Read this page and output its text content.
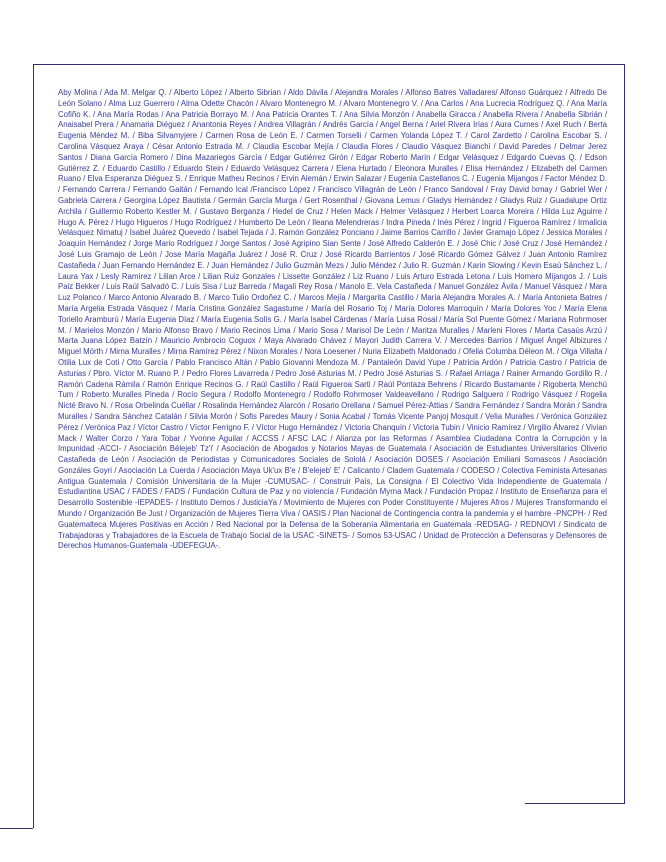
Aby Molina / Ada M. Melgar Q. / Alberto López / Alberto Sibrian / Aldo Dávila / Alejandra Morales / Alfonso Batres Valladares/ Alfonso Guárquez / Alfredo De León Solano / Alma Luz Guerrero / Alma Odette Chacón / Alvaro Montenegro M. / Alvaro Montenegro V. / Ana Carlos / Ana Lucrecia Rodríguez Q. / Ana María Cofiño K. / Ana María Rodas / Ana Patricia Borrayo M. / Ana Patricia Orantes T. / Ana Silvia Monzón / Anabella Giracca / Anabella Rivera / Anabella Sibrián / Anaisabel Prera / Anamaria Diéguez / Anantonia Reyes / Andrea Villagrán / Andrés García / Angel Berna / Ariel Rivera Irías / Aura Cumes / Axel Ruch / Berta Eugenia Méndez M. / Biba Silvamyjere / Carmen Rosa de León E. / Carmen Torselli / Carmen Yolanda López T. / Carol Zardetto / Carolina Escobar S. / Carolina Vásquez Araya / César Antonio Estrada M. / Claudia Escobar Mejía / Claudia Flores / Claudio Vásquez Bianchi / David Paredes / Delmar Jerez Santos / Diana García Romero / Dina Mazariegos García / Edgar Gutiérrez Girón / Edgar Roberto Marín / Edgar Velásquez / Edgardo Cuevas Q. / Edson Gutiérrez Z. / Eduardo Castillo / Eduardo Stein / Eduardo Velásquez Carrera / Elena Hurtado / Eleonora Muralles / Elisa Hernández / Elizabeth del Carmen Ruano / Elva Esperanza Diéguez S. / Enrique Matheu Recinos / Ervin Alemán / Erwin Salazar / Eugenia Castellanos C. / Eugenia Mijangos / Factor Méndez D. / Fernando Carrera / Fernando Gaitán / Fernando Ical /Francisco López / Francisco Villagrán de León / Franco Sandoval / Fray David Ixmay / Gabriel Wer / Gabriela Carrera / Georgina López Bautista / Germán García Murga / Gert Rosenthal / Giovana Lemus / Gladys Hernández / Gladys Ruiz / Guadalupe Ortiz Archila / Guillermo Roberto Kestler M. / Gustavo Berganza / Hedel de Cruz / Helen Mack / Helmer Velásquez / Herbert Loarca Moreira / Hilda Luz Aguirre / Hugo A. Pérez / Hugo Higueros / Hugo Rodríguez / Humberto De León / Ileana Melendreras / Indra Pineda / Inés Pérez / Ingrid / Figueroa Ramírez / Irmalicia Velásquez Nimatuj / Isabel Juárez Quevedo / Isabel Tejada / J. Ramón González Ponciano / Jaime Barrios Carrillo / Javier Gramajo López / Jessica Morales / Joaquín Hernández / Jorge Mario Rodríguez / Jorge Santos / José Agripino Sian Sente / José Alfredo Calderón E. / José Chic / José Cruz / José Hernández / José Luis Gramajo de León / Jose María Magaña Juárez / José R. Cruz / José Ricardo Barrientos / José Ricardo Gómez Gálvez / Juan Antonio Ramírez Castañeda / Juan Fernando Hernández E. / Juan Hernández / Julio Guzmán Mezs / Julio Méndez / Julio R. Guzmán / Karin Slowing / Kevin Esaú Sánchez L. / Laura Yax / Lesly Ramírez / Lilian Arce / Lilian Ruiz Gonzales / Lissette González / Liz Ruano / Luis Arturo Estrada Letona / Luis Homero Mijangos J. / Luis Paiz Bekker / Luis Raúl Salvadó C. / Luis Sisa / Luz Barreda / Magalí Rey Rosa / Manolo E. Vela Castañeda / Manuel González Ávila / Manuel Vásquez / Mara Luz Polanco / Marco Antonio Alvarado B. / Marco Tulio Ordoñez C. / Marcos Mejía / Margarita Castillo / María Alejandra Morales A. / María Antonieta Batres / María Argelia Estrada Vásquez / María Cristina González Sagastume / María del Rosario Toj / María Dolores Marroquín / María Dolores Yoc / María Elena Toriello Aramburú / María Eugenia Díaz / María Eugenia Solís G. / María Isabel Cárdenas / María Luisa Rosal / María Sol Puente Gómez / Mariana Rohrmoser M. / Marielos Monzón / Mario Alfonso Bravo / Mario Recinos Lima / Mario Sosa / Marisol De León / Maritza Muralles / Marleni Flores / Marta Casaús Arzú / Marta Juana López Batzín / Mauricio Ambrocio Coguox / Maya Alvarado Chávez / Mayori Judith Carrera V. / Mercedes Barrios / Miguel Ángel Albizures / Miguel Mörth / Mirna Muralles / Mirna Ramírez Pérez / Nixon Morales / Nora Loesener / Nuria Elizabeth Maldonado / Ofelia Columba Déleon M. / Olga Villalta / Otilia Lux de Coti / Otto García / Pablo Francisco Altán / Pablo Giovanni Mendoza M. / Pantaleón David Yupe / Patricia Ardón / Patricia Castro / Patricia de Asturias / Pbro. Víctor M. Ruano P. / Pedro Flores Lavarreda / Pedro José Asturias M. / Pedro José Asturias S. / Rafael Arriaga / Rainer Armando Gordillo R. / Ramón Cadena Rámila / Ramón Enrique Recinos G. / Raúl Castillo / Raúl Figueroa Sarti / Raúl Pontaza Behrens / Ricardo Bustamante / Rigoberta Menchú Tum / Roberto Muralles Pineda / Rocío Segura / Rodolfo Montenegro / Rodolfo Rohrmoser Valdeavellano / Rodrigo Salguero / Rodrigo Vásquez / Rogelia Nicté Bravo N. / Rosa Orbelinda Cuéllar / Rosalinda Hernández Alarcón / Rosario Orellana / Samuel Pérez-Attias / Sandra Fernández / Sandra Morán / Sandra Muralles / Sandra Sánchez Catalán / Silvia Morón / Sofis Paredes Maury / Sonia Acabal / Tomás Vicente Panjoj Mosquit / Velia Muralles / Verónica González Pérez / Verónica Paz / Víctor Castro / Víctor Ferrigno F. / Víctor Hugo Hernández / Victoria Chanquín / Victoria Tubin / Vinicio Ramírez / Virgilio Álvarez / Vivian Mack / Walter Corzo / Yara Tobar / Yvonne Aguilar / ACCSS / AFSC LAC / Alianza por las Reformas / Asamblea Ciudadana Contra la Corrupción y la Impunidad -ACCI- / Asociación Bélejeb' Tz'i' / Asociación de Abogados y Notarios Mayas de Guatemala / Asociación de Estudiantes Universitarios Oliverio Castañeda de León / Asociación de Periodistas y Comunicadores Sociales de Sololá / Asociación DOSES / Asociación Emiliani Somascos / Asociación Gonzáles Goyri / Asociación La Cuerda / Asociación Maya Uk'ux B'e / B'elejeb' E' / Calicanto / Cladem Guatemala / CODESO / Colectiva Feminista Artesanas Antigua Guatemala / Comisión Universitaria de la Mujer -CUMUSAC- / Construir País, La Consigna / El Colectivo Vida Independiente de Guatemala / Estudiantina USAC / FADES / FADS / Fundación Cultura de Paz y no violencia / Fundación Myrna Mack / Fundación Propaz / Instituto de Enseñanza para el Desarrollo Sostenible -IEPADES- / Instituto Demos / JusticiaYa / Movimiento de Mujeres con Poder Constituyente / Mujeres Afros / Mujeres Transformando el Mundo / Organización Be Just / Organización de Mujeres Tierra Viva / OASIS / Plan Nacional de Contingencia contra la pandemia y el hambre -PNCPH- / Red Guatemalteca Mujeres Positivas en Acción / Red Nacional por la Defensa de la Soberanía Alimentaria en Guatemala -REDSAG- / REDNOVI / Sindicato de Trabajadoras y Trabajadores de la Escuela de Trabajo Social de la USAC -SINETS- / Somos 53-USAC / Unidad de Protección a Defensoras y Defensores de Derechos Humanos-Guatemala -UDEFEGUA-.
